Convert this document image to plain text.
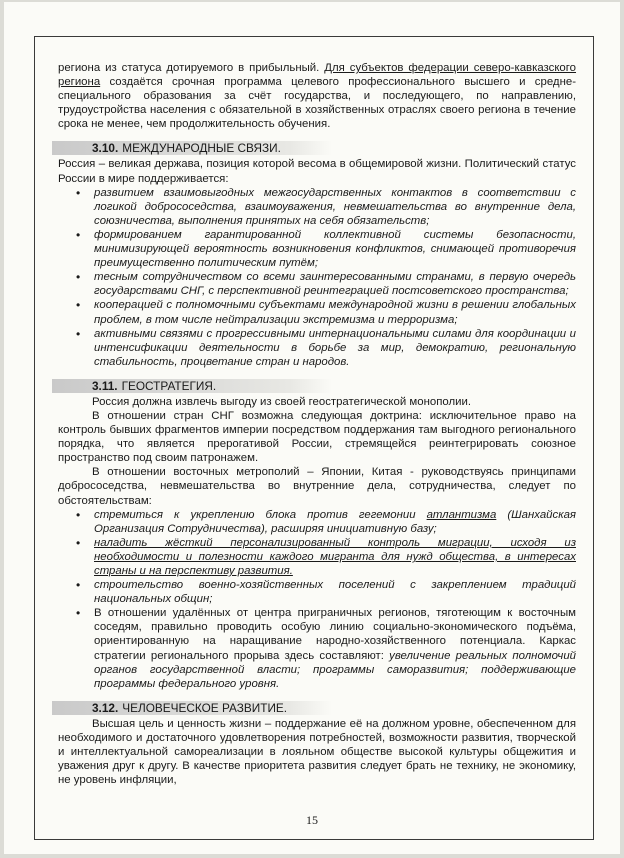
региона из статуса дотируемого в прибыльный. Для субъектов федерации северо-кавказского региона создаётся срочная программа целевого профессионального высшего и средне-специального образования за счёт государства, и последующего, по направлению, трудоустройства населения с обязательной в хозяйственных отраслях своего региона в течение срока не менее, чем продолжительность обучения.

3.10. МЕЖДУНАРОДНЫЕ СВЯЗИ.

Россия – великая держава, позиция которой весома в общемировой жизни. Политический статус России в мире поддерживается:

• развитием взаимовыгодных межгосударственных контактов в соответствии с логикой добрососедства, взаимоуважения, невмешательства во внутренние дела, союзничества, выполнения принятых на себя обязательств;
• формированием гарантированной коллективной системы безопасности, минимизирующей вероятность возникновения конфликтов, снимающей противоречия преимущественно политическим путём;
• тесным сотрудничеством со всеми заинтересованными странами, в первую очередь государствами СНГ, с перспективной реинтеграцией постсоветского пространства;
• кооперацией с полномочными субъектами международной жизни в решении глобальных проблем, в том числе нейтрализации экстремизма и терроризма;
• активными связями с прогрессивными интернациональными силами для координации и интенсификации деятельности в борьбе за мир, демократию, региональную стабильность, процветание стран и народов.
3.11. ГЕОСТРАТЕГИЯ.

Россия должна извлечь выгоду из своей геостратегической монополии.

В отношении стран СНГ возможна следующая доктрина: исключительное право на контроль бывших фрагментов империи посредством поддержания там выгодного регионального порядка, что является прерогативой России, стремящейся реинтегрировать союзное пространство под своим патронажем.

В отношении восточных метрополий – Японии, Китая - руководствуясь принципами добрососедства, невмешательства во внутренние дела, сотрудничества, следует по обстоятельствам:

• стремиться к укреплению блока против гегемонии атлантизма (Шанхайская Организация Сотрудничества), расширяя инициативную базу;
• наладить жёсткий персонализированный контроль миграции, исходя из необходимости и полезности каждого мигранта для нужд общества, в интересах страны и на перспективу развития.
• строительство военно-хозяйственных поселений с закреплением традиций национальных общин;
• В отношении удалённых от центра приграничных регионов, тяготеющим к восточным соседям, правильно проводить особую линию социально-экономического подъёма, ориентированную на наращивание народно-хозяйственного потенциала. Каркас стратегии регионального прорыва здесь составляют: увеличение реальных полномочий органов государственной власти; программы саморазвития; поддерживающие программы федерального уровня.
3.12. ЧЕЛОВЕЧЕСКОЕ РАЗВИТИЕ.

Высшая цель и ценность жизни – поддержание её на должном уровне, обеспеченном для необходимого и достаточного удовлетворения потребностей, возможности развития, творческой и интеллектуальной самореализации в лояльном обществе высокой культуры общежития и уважения друг к другу. В качестве приоритета развития следует брать не технику, не экономику, не уровень инфляции,

15
